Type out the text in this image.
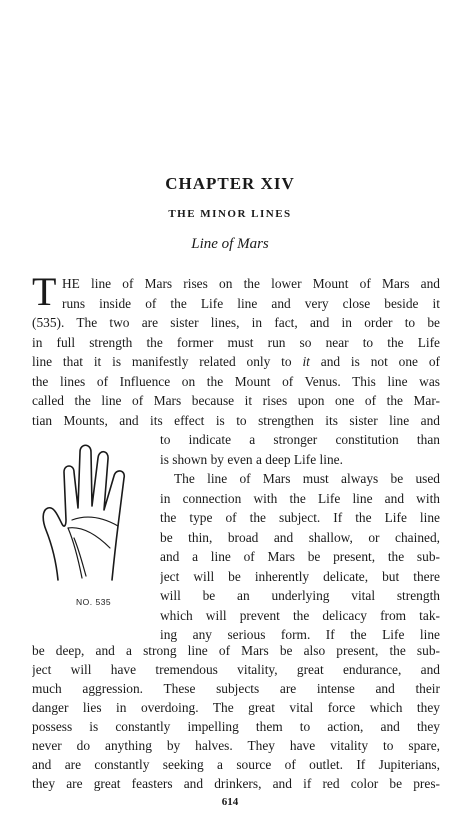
CHAPTER XIV
THE MINOR LINES
Line of Mars
T HE line of Mars rises on the lower Mount of Mars and
runs inside of the Life line and very close beside it
(535). The two are sister lines, in fact, and in order to be
in full strength the former must run so near to the Life
line that it is manifestly related only to it and is not one of
the lines of Influence on the Mount of Venus. This line was
called the line of Mars because it rises upon one of the Mar-
tian Mounts, and its effect is to strengthen its sister line and
to indicate a stronger constitution than
is shown by even a deep Life line.
The line of Mars must always be used
in connection with the Life line and with
the type of the subject. If the Life line
be thin, broad and shallow, or chained,
and a line of Mars be present, the sub-
ject will be inherently delicate, but there
will be an underlying vital strength
which will prevent the delicacy from tak-
ing any serious form. If the Life line
NO. 535
be deep, and a strong line of Mars be also present, the sub-
ject will have tremendous vitality, great endurance, and
much aggression. These subjects are intense and their
danger lies in overdoing. The great vital force which they
possess is constantly impelling them to action, and they
never do anything by halves. They have vitality to spare,
and are constantly seeking a source of outlet. If Jupiterians,
they are great feasters and drinkers, and if red color be pres-
614
